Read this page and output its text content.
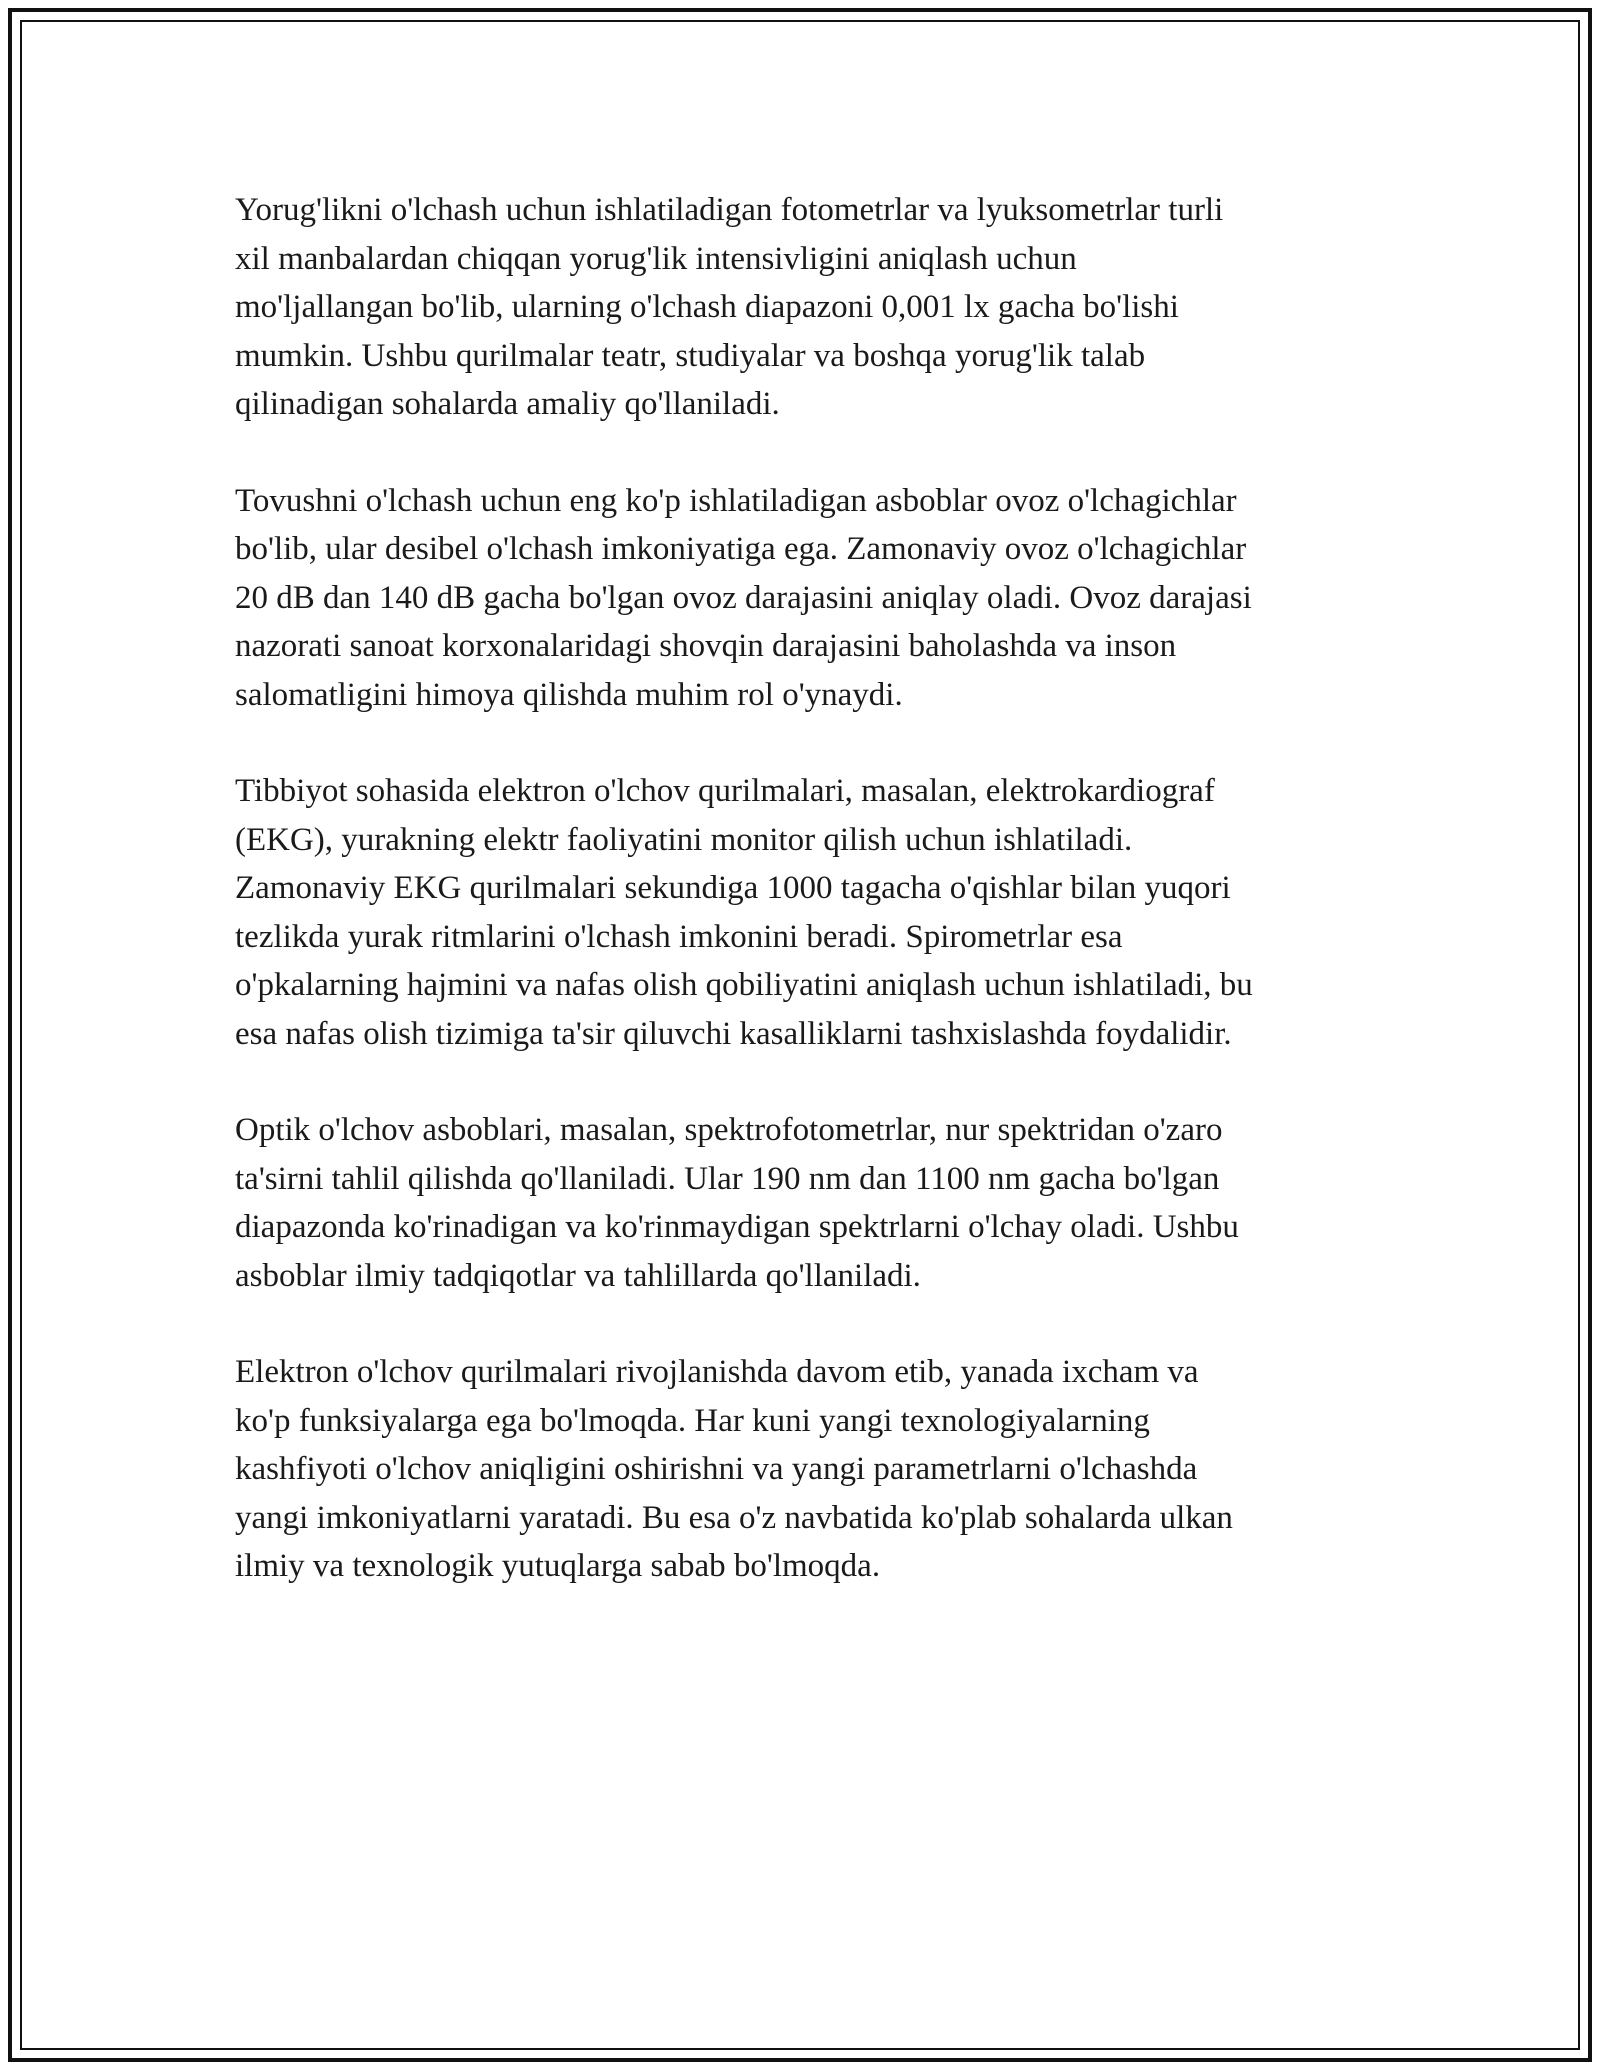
Yorug'likni o'lchash uchun ishlatiladigan fotometrlar va lyuksometrlar turli
xil manbalardan chiqqan yorug'lik intensivligini aniqlash uchun
mo'ljallangan bo'lib, ularning o'lchash diapazoni 0,001 lx gacha bo'lishi
mumkin. Ushbu qurilmalar teatr, studiyalar va boshqa yorug'lik talab
qilinadigan sohalarda amaliy qo'llaniladi.

Tovushni o'lchash uchun eng ko'p ishlatiladigan asboblar ovoz o'lchagichlar
bo'lib, ular desibel o'lchash imkoniyatiga ega. Zamonaviy ovoz o'lchagichlar
20 dB dan 140 dB gacha bo'lgan ovoz darajasini aniqlay oladi. Ovoz darajasi
nazorati sanoat korxonalaridagi shovqin darajasini baholashda va inson
salomatligini himoya qilishda muhim rol o'ynaydi.

Tibbiyot sohasida elektron o'lchov qurilmalari, masalan, elektrokardiograf
(EKG), yurakning elektr faoliyatini monitor qilish uchun ishlatiladi.
Zamonaviy EKG qurilmalari sekundiga 1000 tagacha o'qishlar bilan yuqori
tezlikda yurak ritmlarini o'lchash imkonini beradi. Spirometrlar esa
o'pkalarning hajmini va nafas olish qobiliyatini aniqlash uchun ishlatiladi, bu
esa nafas olish tizimiga ta'sir qiluvchi kasalliklarni tashxislashda foydalidir.

Optik o'lchov asboblari, masalan, spektrofotometrlar, nur spektridan o'zaro
ta'sirni tahlil qilishda qo'llaniladi. Ular 190 nm dan 1100 nm gacha bo'lgan
diapazonda ko'rinadigan va ko'rinmaydigan spektrlarni o'lchay oladi. Ushbu
asboblar ilmiy tadqiqotlar va tahlillarda qo'llaniladi.

Elektron o'lchov qurilmalari rivojlanishda davom etib, yanada ixcham va
ko'p funksiyalarga ega bo'lmoqda. Har kuni yangi texnologiyalarning
kashfiyoti o'lchov aniqligini oshirishni va yangi parametrlarni o'lchashda
yangi imkoniyatlarni yaratadi. Bu esa o'z navbatida ko'plab sohalarda ulkan
ilmiy va texnologik yutuqlarga sabab bo'lmoqda.
